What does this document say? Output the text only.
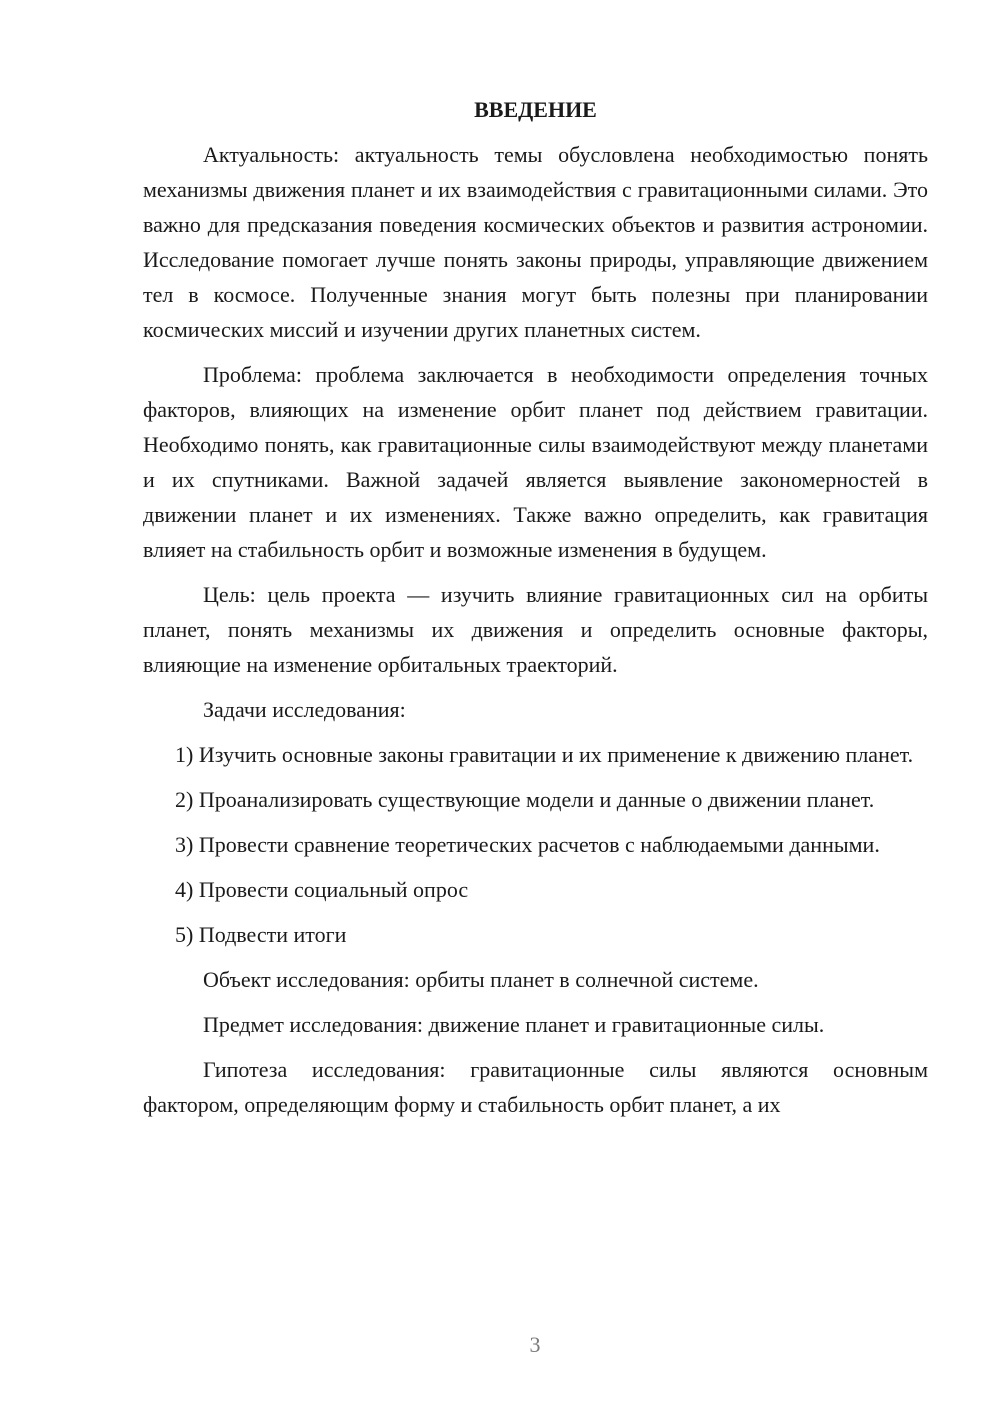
ВВЕДЕНИЕ

Актуальность: актуальность темы обусловлена необходимостью понять механизмы движения планет и их взаимодействия с гравитационными силами. Это важно для предсказания поведения космических объектов и развития астрономии. Исследование помогает лучше понять законы природы, управляющие движением тел в космосе. Полученные знания могут быть полезны при планировании космических миссий и изучении других планетных систем.

Проблема: проблема заключается в необходимости определения точных факторов, влияющих на изменение орбит планет под действием гравитации. Необходимо понять, как гравитационные силы взаимодействуют между планетами и их спутниками. Важной задачей является выявление закономерностей в движении планет и их изменениях. Также важно определить, как гравитация влияет на стабильность орбит и возможные изменения в будущем.

Цель: цель проекта — изучить влияние гравитационных сил на орбиты планет, понять механизмы их движения и определить основные факторы, влияющие на изменение орбитальных траекторий.

Задачи исследования:

1) Изучить основные законы гравитации и их применение к движению планет.

2) Проанализировать существующие модели и данные о движении планет.

3) Провести сравнение теоретических расчетов с наблюдаемыми данными.

4) Провести социальный опрос

5) Подвести итоги

Объект исследования: орбиты планет в солнечной системе.

Предмет исследования: движение планет и гравитационные силы.

Гипотеза исследования: гравитационные силы являются основным фактором, определяющим форму и стабильность орбит планет, а их

3
